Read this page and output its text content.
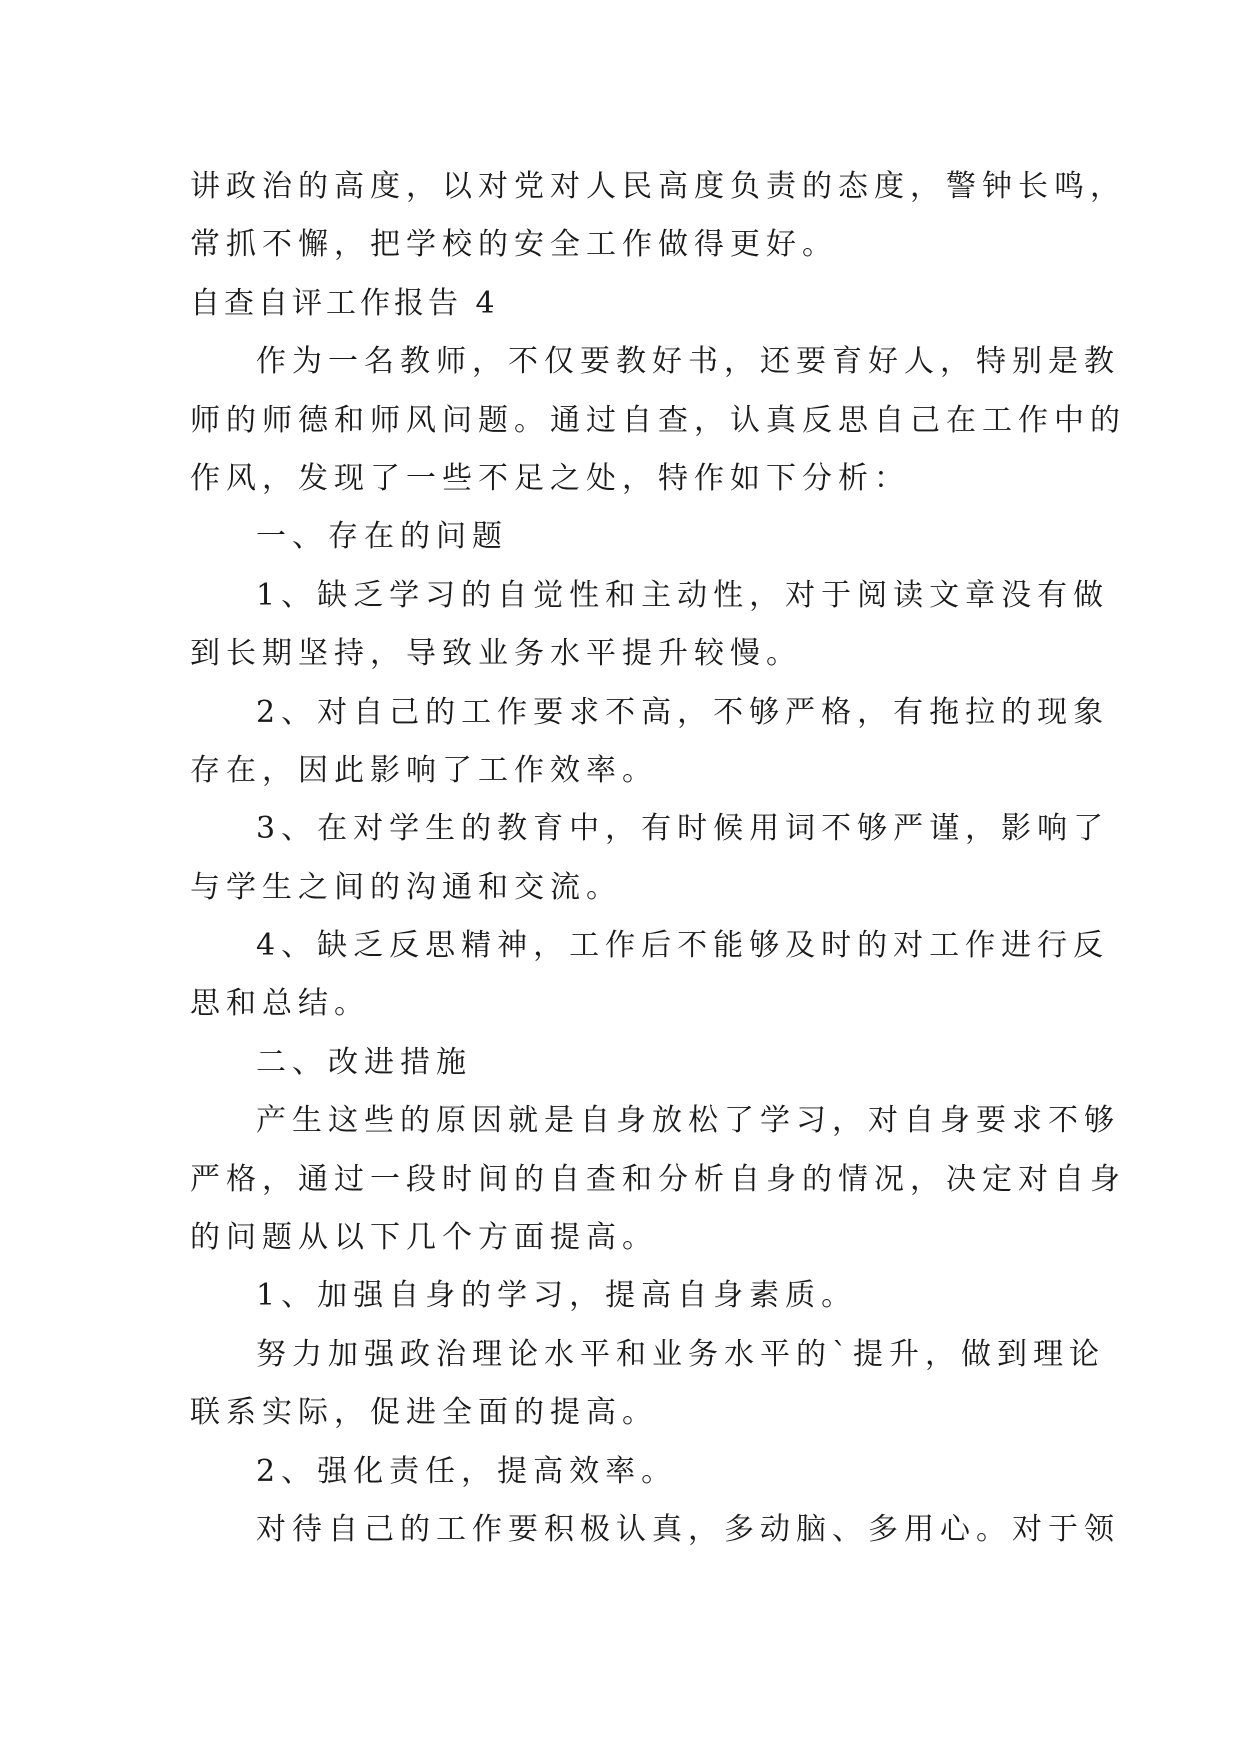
讲政治的高度，以对党对人民高度负责的态度，警钟长鸣，
常抓不懈，把学校的安全工作做得更好。
自查自评工作报告 4
作为一名教师，不仅要教好书，还要育好人，特别是教
师的师德和师风问题。通过自查，认真反思自己在工作中的
作风，发现了一些不足之处，特作如下分析：
一、存在的问题
1、缺乏学习的自觉性和主动性，对于阅读文章没有做
到长期坚持，导致业务水平提升较慢。
2、对自己的工作要求不高，不够严格，有拖拉的现象
存在，因此影响了工作效率。
3、在对学生的教育中，有时候用词不够严谨，影响了
与学生之间的沟通和交流。
4、缺乏反思精神，工作后不能够及时的对工作进行反
思和总结。
二、改进措施
产生这些的原因就是自身放松了学习，对自身要求不够
严格，通过一段时间的自查和分析自身的情况，决定对自身
的问题从以下几个方面提高。
1、加强自身的学习，提高自身素质。
努力加强政治理论水平和业务水平的`提升，做到理论
联系实际，促进全面的提高。
2、强化责任，提高效率。
对待自己的工作要积极认真，多动脑、多用心。对于领
